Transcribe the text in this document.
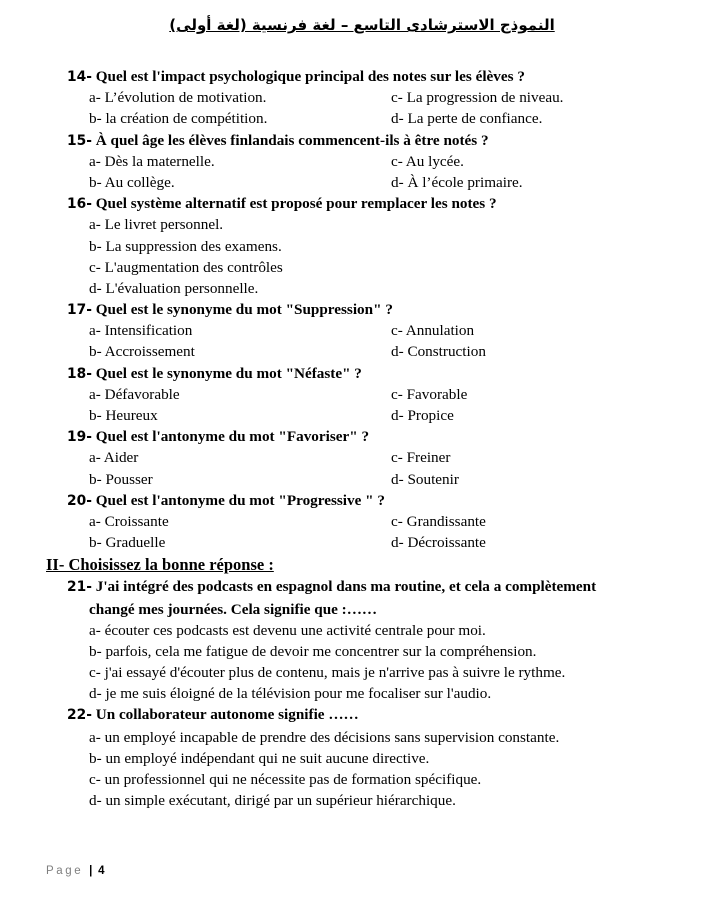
النموذج الاسترشادى التاسع – لغة فرنسية (لغة أولى)
14- Quel est l'impact psychologique principal des notes sur les élèves ?
a- L’évolution de motivation.	c- La progression de niveau.
b- la création de compétition.	d- La perte de confiance.
15- À quel âge les élèves finlandais commencent-ils à être notés ?
a- Dès la maternelle.	c- Au lycée.
b- Au collège.	d- À l’école primaire.
16- Quel système alternatif est proposé pour remplacer les notes ?
a- Le livret personnel.
b- La suppression des examens.
c- L'augmentation des contrôles
d- L'évaluation personnelle.
17- Quel est le synonyme du mot "Suppression" ?
a- Intensification	c- Annulation
b- Accroissement	d- Construction
18- Quel est le synonyme du mot "Néfaste" ?
a- Défavorable	c- Favorable
b- Heureux	d- Propice
19- Quel est l'antonyme du mot "Favoriser" ?
a- Aider	c- Freiner
b- Pousser	d- Soutenir
20- Quel est l'antonyme du mot "Progressive " ?
a- Croissante	c- Grandissante
b- Graduelle	d- Décroissante
II- Choisissez la bonne réponse :
21- J'ai intégré des podcasts en espagnol dans ma routine, et cela a complètement
changé mes journées. Cela signifie que :……
a- écouter ces podcasts est devenu une activité centrale pour moi.
b- parfois, cela me fatigue de devoir me concentrer sur la compréhension.
c- j'ai essayé d'écouter plus de contenu, mais je n'arrive pas à suivre le rythme.
d- je me suis éloigné de la télévision pour me focaliser sur l'audio.
22- Un collaborateur autonome signifie ……
a- un employé incapable de prendre des décisions sans supervision constante.
b- un employé indépendant qui ne suit aucune directive.
c- un professionnel qui ne nécessite pas de formation spécifique.
d- un simple exécutant, dirigé par un supérieur hiérarchique.
Page | 4
